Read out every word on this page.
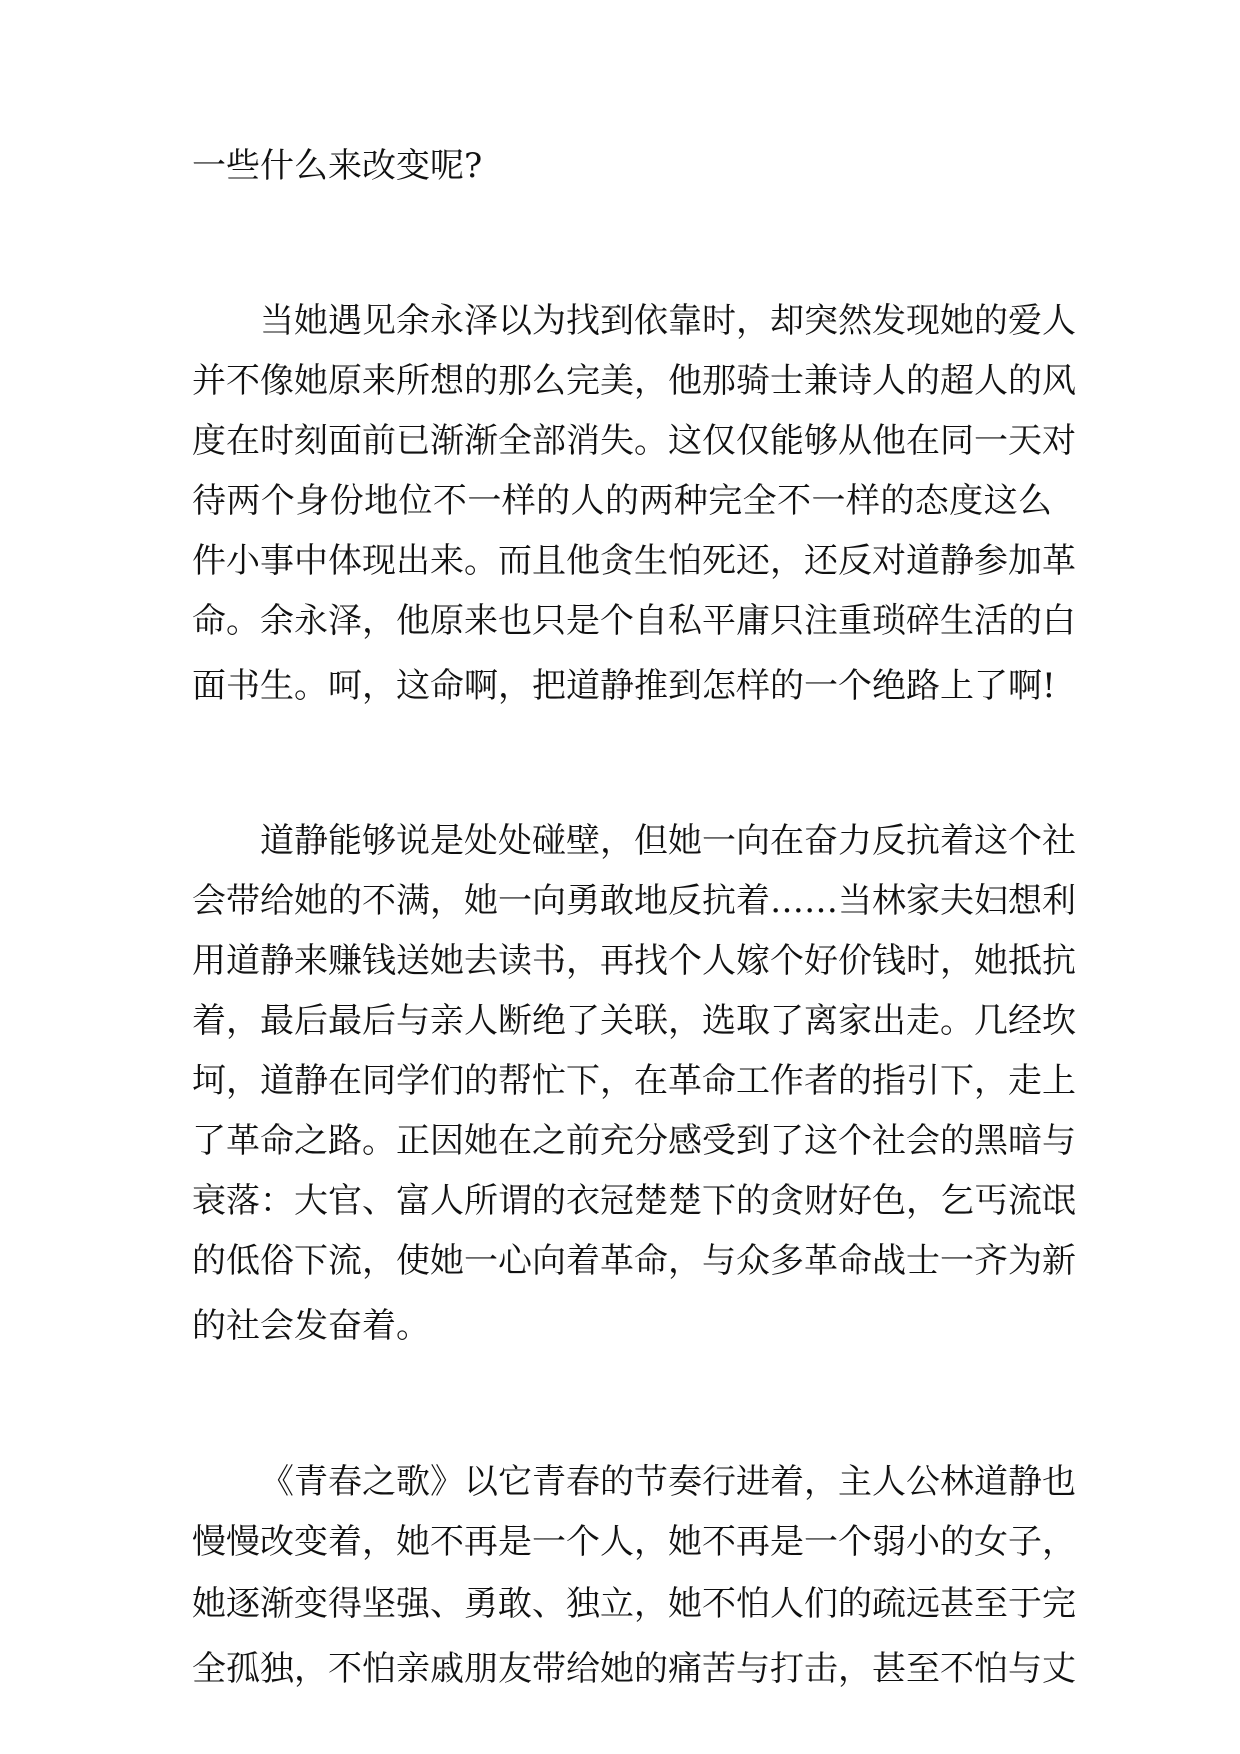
一些什么来改变呢?
当她遇见余永泽以为找到依靠时，却突然发现她的爱人
并不像她原来所想的那么完美，他那骑士兼诗人的超人的风
度在时刻面前已渐渐全部消失。这仅仅能够从他在同一天对
待两个身份地位不一样的人的两种完全不一样的态度这么
件小事中体现出来。而且他贪生怕死还，还反对道静参加革
命。余永泽，他原来也只是个自私平庸只注重琐碎生活的白
面书生。呵，这命啊，把道静推到怎样的一个绝路上了啊!
道静能够说是处处碰壁，但她一向在奋力反抗着这个社
会带给她的不满，她一向勇敢地反抗着……当林家夫妇想利
用道静来赚钱送她去读书，再找个人嫁个好价钱时，她抵抗
着，最后最后与亲人断绝了关联，选取了离家出走。几经坎
坷，道静在同学们的帮忙下，在革命工作者的指引下，走上
了革命之路。正因她在之前充分感受到了这个社会的黑暗与
衰落：大官、富人所谓的衣冠楚楚下的贪财好色，乞丐流氓
的低俗下流，使她一心向着革命，与众多革命战士一齐为新
的社会发奋着。
《青春之歌》以它青春的节奏行进着，主人公林道静也
慢慢改变着，她不再是一个人，她不再是一个弱小的女子，
她逐渐变得坚强、勇敢、独立，她不怕人们的疏远甚至于完
全孤独，不怕亲戚朋友带给她的痛苦与打击，甚至不怕与丈
